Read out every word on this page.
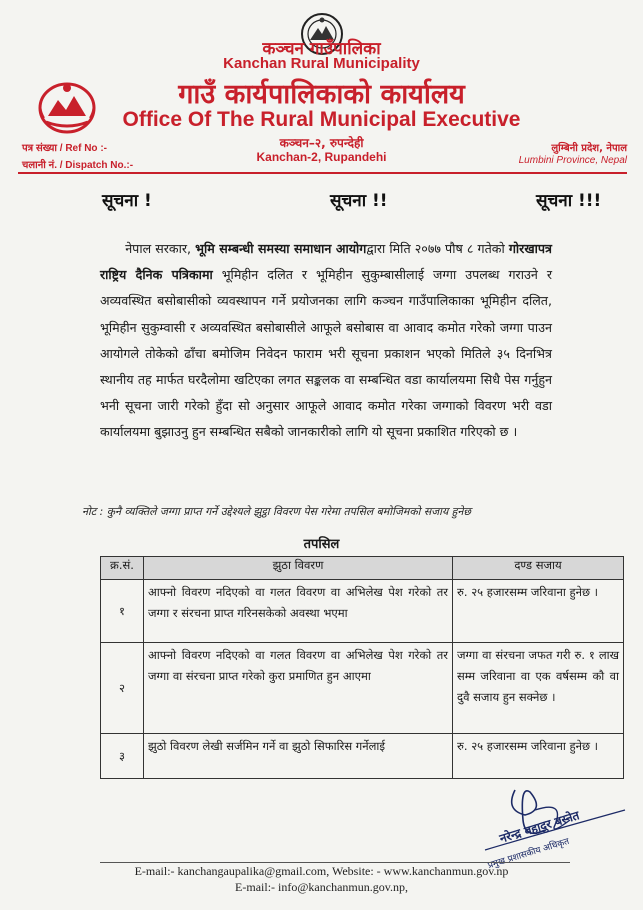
कञ्चन गाउँपालिका
Kanchan Rural Municipality
गाउँ कार्यपालिकाको कार्यालय
Office Of The Rural Municipal Executive
कञ्चन–२, रुपन्देही
Kanchan-2, Rupandehi
पत्र संख्या / Ref No :-
चलानी नं. / Dispatch No.:-
लुम्बिनी प्रदेश, नेपाल
Lumbini Province, Nepal
सूचना !	सूचना !!	सूचना !!!
  नेपाल सरकार, भूमि सम्बन्धी समस्या समाधान आयोगद्वारा मिति २०७७ पौष ८ गतेको गोरखापत्र राष्ट्रिय दैनिक पत्रिकामा भूमिहीन दलित र भूमिहीन सुकुम्बासीलाई जग्गा उपलब्ध गराउने र अव्यवस्थित बसोबासीको व्यवस्थापन गर्ने प्रयोजनका लागि कञ्चन गाउँपालिकाका भूमिहीन दलित, भूमिहीन सुकुम्वासी र अव्यवस्थित बसोबासीले आफूले बसोबास वा आवाद कमोत गरेको जग्गा पाउन आयोगले तोकेको ढाँचा बमोजिम निवेदन फाराम भरी सूचना प्रकाशन भएको मितिले ३५ दिनभित्र स्थानीय तह मार्फत घरदैलोमा खटिएका लगत सङ्कलक वा सम्बन्धित वडा कार्यालयमा सिधै पेस गर्नुहुन भनी सूचना जारी गरेको हुँदा सो अनुसार आफूले आवाद कमोत गरेका जग्गाको विवरण भरी वडा कार्यालयमा बुझाउनु हुन सम्बन्धित सबैको जानकारीको लागि यो सूचना प्रकाशित गरिएको छ ।
नोट : कुनै व्यक्तिले जग्गा प्राप्त गर्ने उद्देश्यले झुट्ठा विवरण पेस गरेमा तपसिल बमोजिमको सजाय हुनेछ
तपसिल
क्र.सं.	झुठा विवरण	दण्ड सजाय
१	आफ्नो विवरण नदिएको वा गलत विवरण वा अभिलेख पेश गरेको तर जग्गा र संरचना प्राप्त गरिनसकेको अवस्था भएमा	रु. २५ हजारसम्म जरिवाना हुनेछ ।
२	आफ्नो विवरण नदिएको वा गलत विवरण वा अभिलेख पेश गरेको तर जग्गा वा संरचना प्राप्त गरेको कुरा प्रमाणित हुन आएमा	जग्गा वा संरचना जफत गरी रु. १ लाख सम्म जरिवाना वा एक वर्षसम्म कौ वा दुवै सजाय हुन सक्नेछ ।
३	झुठो विवरण लेखी सर्जमिन गर्ने वा झुठो सिफारिस गर्नेलाई	रु. २५ हजारसम्म जरिवाना हुनेछ ।
नरेन्द्र बहादुर बस्नेत
प्रमुख प्रशासकीय अधिकृत
E-mail:- kanchangaupalika@gmail.com, Website: - www.kanchanmun.gov.np
E-mail:- info@kanchanmun.gov.np,
